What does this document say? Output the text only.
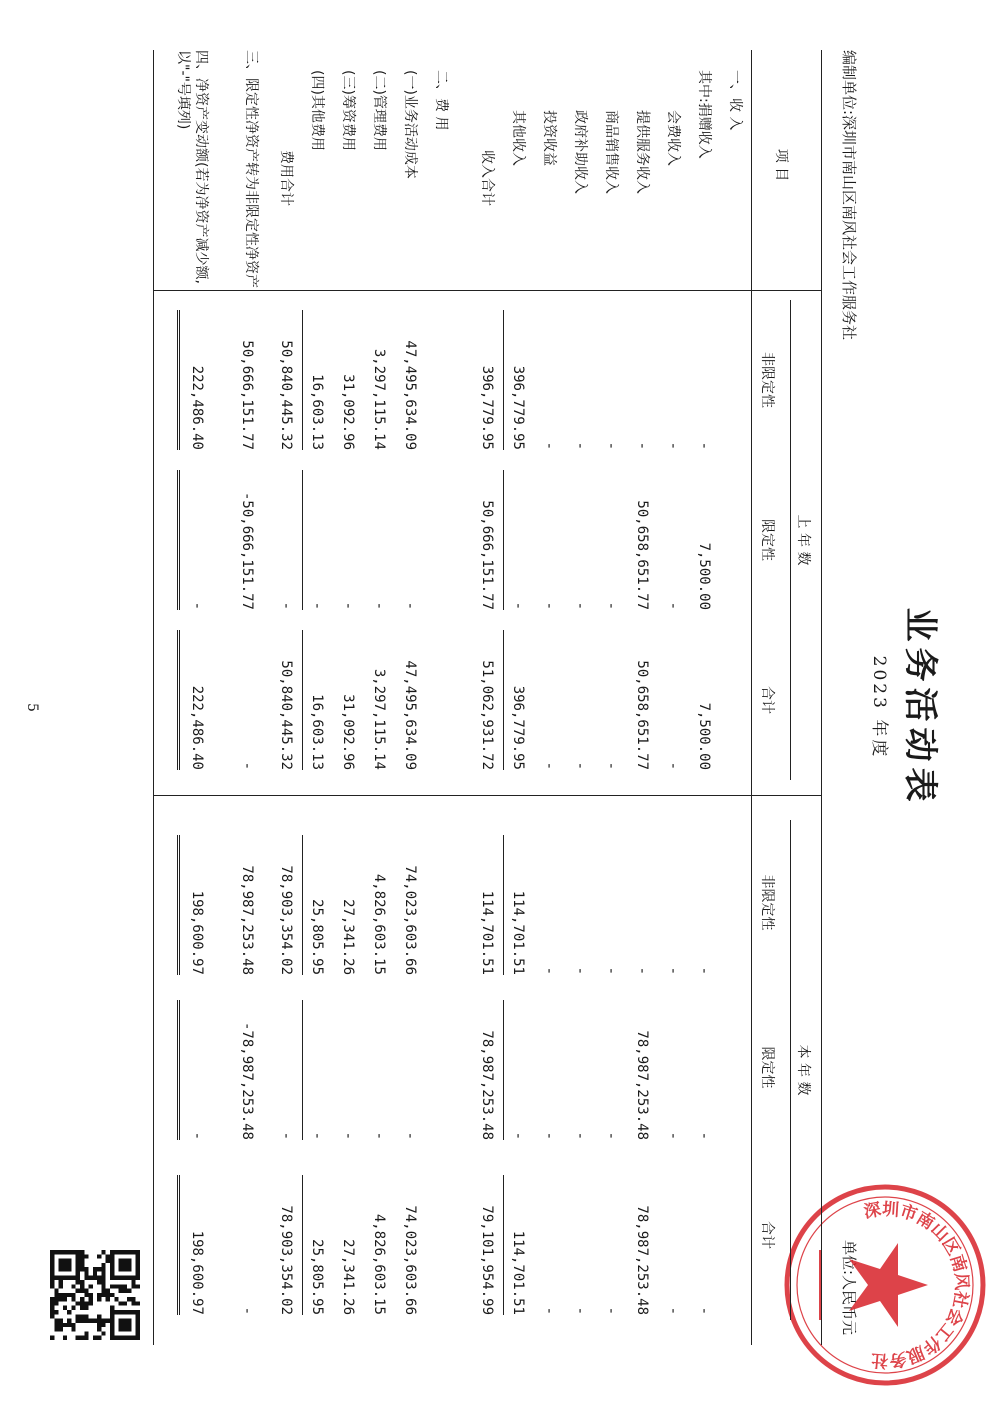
业务活动表
2023 年度
编制单位:深圳市南山区南风社会工作服务社
单位:人民币元
深圳市南山区南风社会工作服务社
项 目
上 年 数
非限定性
限定性
合计
本 年 数
非限定性
限定性
合计
一、收 入
其中:捐赠收入
-
7,500.00
7,500.00
-
-
-
会费收入
-
-
-
-
-
-
提供服务收入
-
50,658,651.77
50,658,651.77
-
78,987,253.48
78,987,253.48
商品销售收入
-
-
-
-
-
-
政府补助收入
-
-
-
-
-
-
投资收益
-
-
-
-
-
-
其他收入
396,779.95
-
396,779.95
114,701.51
-
114,701.51
收入合计
396,779.95
50,666,151.77
51,062,931.72
114,701.51
78,987,253.48
79,101,954.99
二、费 用
(一)业务活动成本
47,495,634.09
-
47,495,634.09
74,023,603.66
-
74,023,603.66
(二)管理费用
3,297,115.14
-
3,297,115.14
4,826,603.15
-
4,826,603.15
(三)筹资费用
31,092.96
-
31,092.96
27,341.26
-
27,341.26
(四)其他费用
16,603.13
-
16,603.13
25,805.95
-
25,805.95
费用合计
50,840,445.32
-
50,840,445.32
78,903,354.02
-
78,903,354.02
三、限定性净资产转为非限定性净资产
50,666,151.77
-50,666,151.77
-
78,987,253.48
-78,987,253.48
-
四、净资产变动额(若为净资产减少额,以"-"号填列)
222,486.40
-
222,486.40
198,600.97
-
198,600.97
5
